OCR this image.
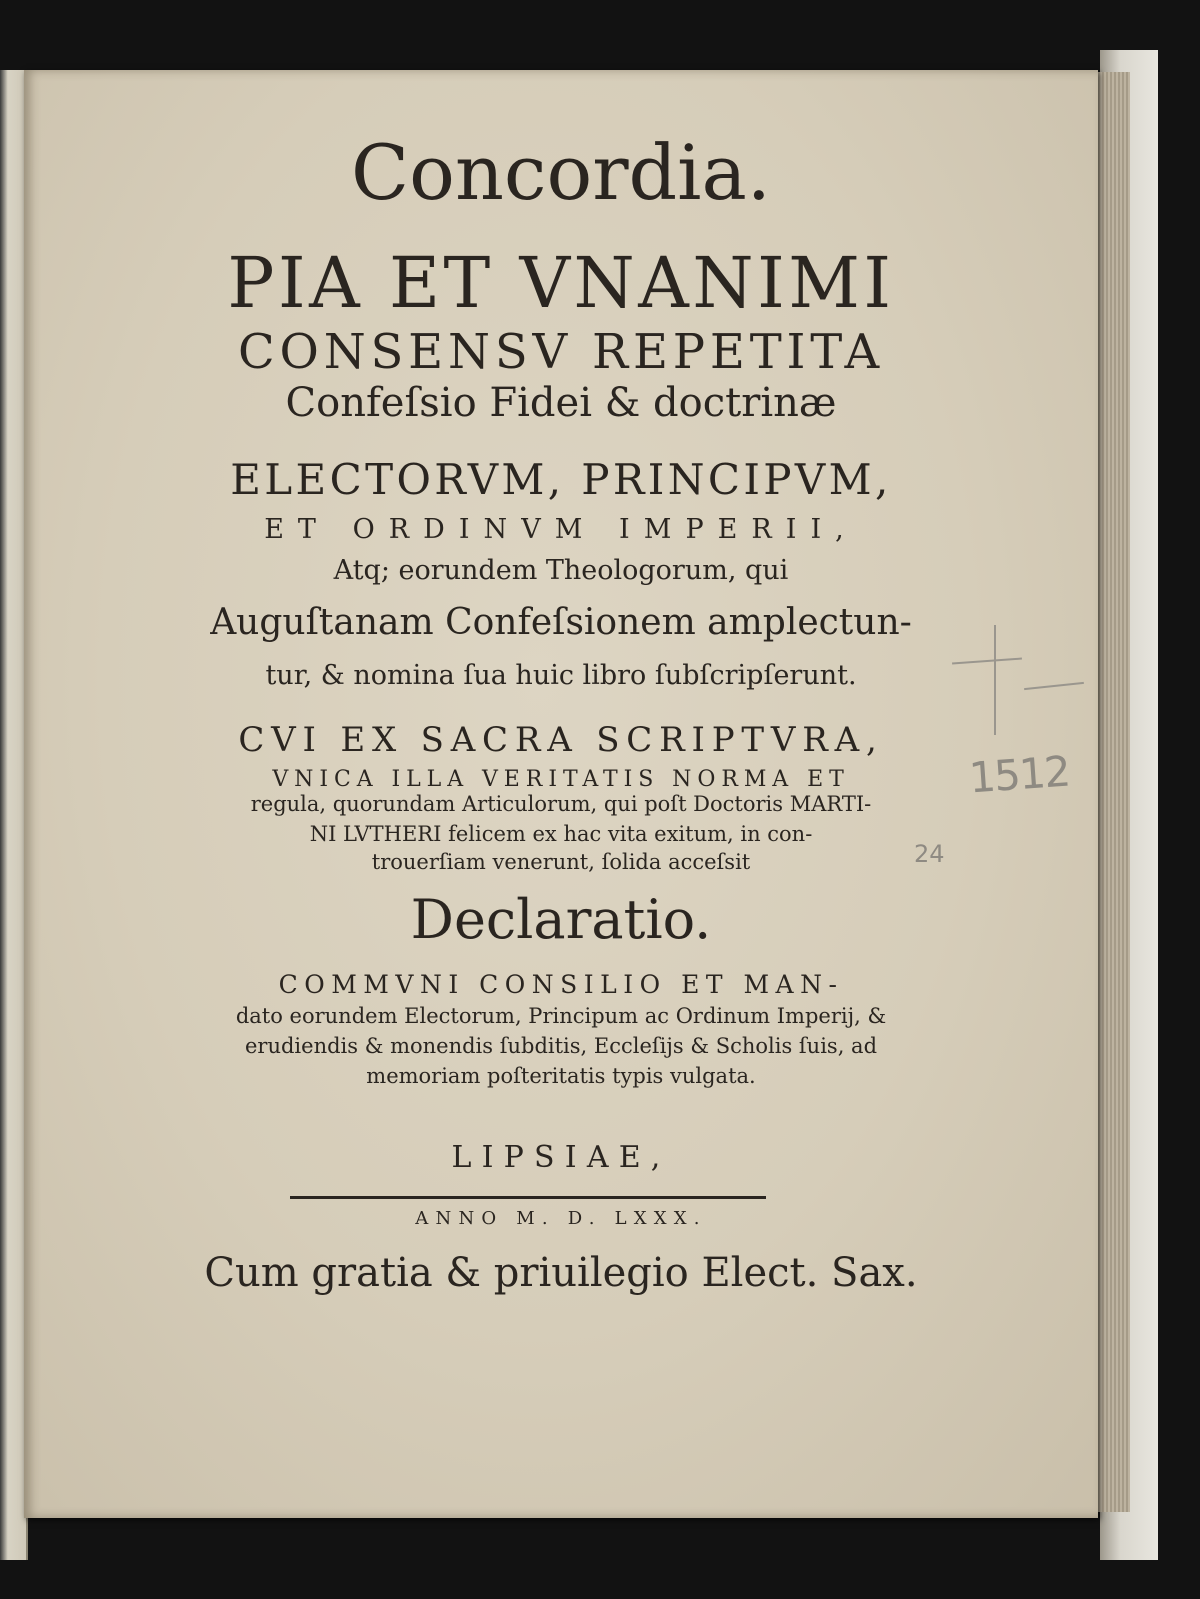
Concordia.
PIA ET VNANIMI
CONSENSV REPETITA
Confeſsio Fidei & doctrinæ
ELECTORVM, PRINCIPVM,
ET ORDINVM IMPERII,
Atq; eorundem Theologorum, qui
Auguſtanam Confeſsionem amplectun-
tur, & nomina ſua huic libro ſubſcripſerunt.
CVI EX SACRA SCRIPTVRA,
VNICA ILLA VERITATIS NORMA ET
regula, quorundam Articulorum, qui poſt Doctoris MARTI-
NI LVTHERI felicem ex hac vita exitum, in con-
trouerſiam venerunt, ſolida acceſsit
Declaratio.
COMMVNI CONSILIO ET MAN-
dato eorundem Electorum, Principum ac Ordinum Imperij, &
erudiendis & monendis ſubditis, Eccleſijs & Scholis ſuis, ad
memoriam poſteritatis typis vulgata.
LIPSIAE,
ANNO M. D. LXXX.
Cum gratia & priuilegio Elect. Sax.
1512
24
